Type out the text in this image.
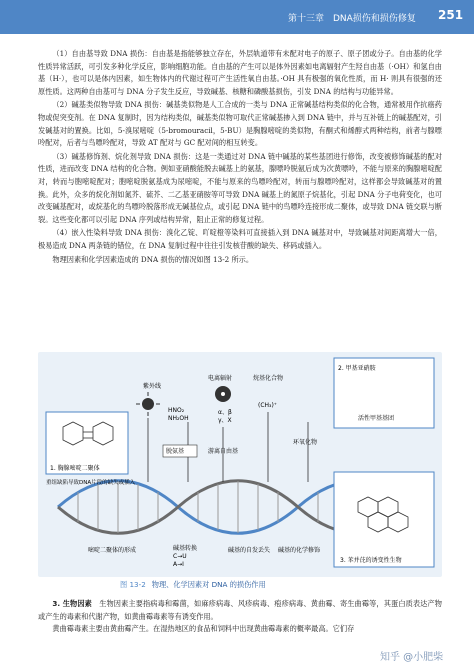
第十三章　DNA损伤和损伤修复 251

（1）自由基导致 DNA 损伤：自由基是指能够独立存在，外层轨道带有未配对电子的原子、原子团或分子。自由基的化学性质异常活跃，可引发多种化学反应，影响细胞功能。自由基的产生可以是体外因素如电离辐射产生羟自由基（·OH）和氢自由基（H·），也可以是体内因素，如生物体内的代谢过程可产生活性氧自由基。·OH 具有极强的氧化性质，而 H· 则具有很强的还原性质。这两种自由基可与 DNA 分子发生反应，导致碱基、核糖和磷酸基损伤，引发 DNA 的结构与功能异常。

（2）碱基类似物导致 DNA 损伤：碱基类似物是人工合成的一类与 DNA 正常碱基结构类似的化合物，通常被用作抗癌药物或促突变剂。在 DNA 复制时，因为结构类似，碱基类似物可取代正常碱基掺入到 DNA 链中，并与互补链上的碱基配对，引发碱基对的置换。比如，5-溴尿嘧啶（5-bromouracil，5-BU）是胸腺嘧啶的类似物，有酮式和烯醇式两种结构，前者与腺嘌呤配对，后者与鸟嘌呤配对，导致 AT 配对与 GC 配对间的相互转变。

（3）碱基修饰剂、烷化剂导致 DNA 损伤：这是一类通过对 DNA 链中碱基的某些基团进行修饰，改变被修饰碱基的配对性质，进而改变 DNA 结构的化合物。例如亚硝酸能脱去碱基上的氨基，腺嘌呤脱氨后成为次黄嘌呤，不能与原来的胸腺嘧啶配对，转而与胞嘧啶配对；胞嘧啶脱氨基成为尿嘧啶，不能与原来的鸟嘌呤配对，转而与腺嘌呤配对，这样都会导致碱基对的置换。此外，众多的烷化剂如氮芥、硫芥、二乙基亚硝胺等可导致 DNA 碱基上的氮原子烷基化，引起 DNA 分子电荷变化，也可改变碱基配对，或烷基化的鸟嘌呤脱落形成无碱基位点，或引起 DNA 链中的鸟嘌呤连接形成二聚体，或导致 DNA 链交联与断裂。这些变化都可以引起 DNA 序列或结构异常，阻止正常的修复过程。

（4）嵌入性染料导致 DNA 损伤：溴化乙锭、吖啶橙等染料可直接插入到 DNA 碱基对中，导致碱基对间距离增大一倍，极易造成 DNA 两条链的错位，在 DNA 复制过程中往往引发核苷酸的缺失、移码或插入。

物理因素和化学因素造成的 DNA 损伤的情况如图 13-2 所示。

紫外线
HNO₂
NH₂OH
电离辐射
α、β
γ、X
烷基化合物
(CH₃)⁺
2. 甲基亚硝胺
活性甲基基团
脱氨基	游离自由基
环氧化物
1. 胸腺嘧啶二聚体
重组缺陷导致DNA片段的缺失或插入
嘧啶二聚体的形成	碱基转换
C→U
A→I
碱基的自发丢失 碱基的化学修饰
3. 苯并芘的诱变性生物
图 13-2 物理、化学因素对 DNA 的损伤作用

3. 生物因素　 生物因素主要指病毒和霉菌，如麻疹病毒、风疹病毒、疱疹病毒、黄曲霉、寄生曲霉等，其蛋白质表达产物或产生的毒素和代谢产物，如黄曲霉毒素等有诱变作用。

黄曲霉毒素主要由黄曲霉产生。在湿热地区的食品和饲料中出现黄曲霉毒素的概率最高。它们存

知乎 @小肥柴
